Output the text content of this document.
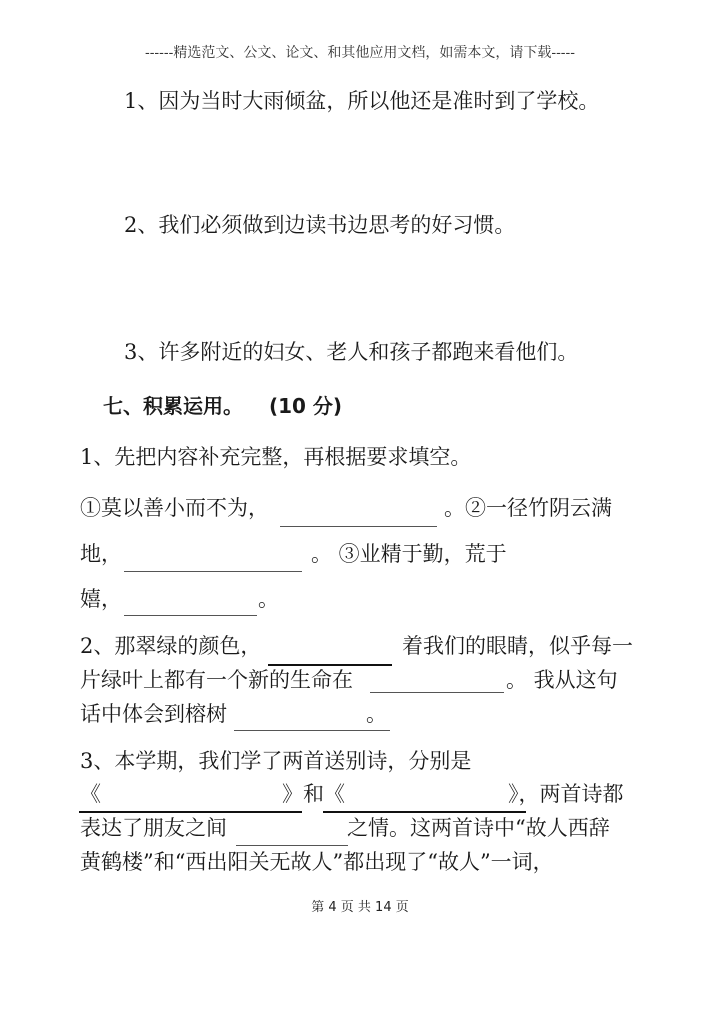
------精选范文、公文、论文、和其他应用文档，如需本文，请下载-----
1、因为当时大雨倾盆，所以他还是准时到了学校。
2、我们必须做到边读书边思考的好习惯。
3、许多附近的妇女、老人和孩子都跑来看他们。
七、积累运用。 (10 分)
1、先把内容补充完整，再根据要求填空。
①莫以善小而不为，	。②一径竹阴云满
地，	。 ③业精于勤，荒于
嬉，	。
2、那翠绿的颜色，	着我们的眼睛，似乎每一
片绿叶上都有一个新的生命在	。 我从这句
话中体会到榕树	。
3、本学期，我们学了两首送别诗，分别是
《	》和《	》，两首诗都
表达了朋友之间	之情。这两首诗中“故人西辞
黄鹤楼”和“西出阳关无故人”都出现了“故人”一词，
第 4 页 共 14 页
